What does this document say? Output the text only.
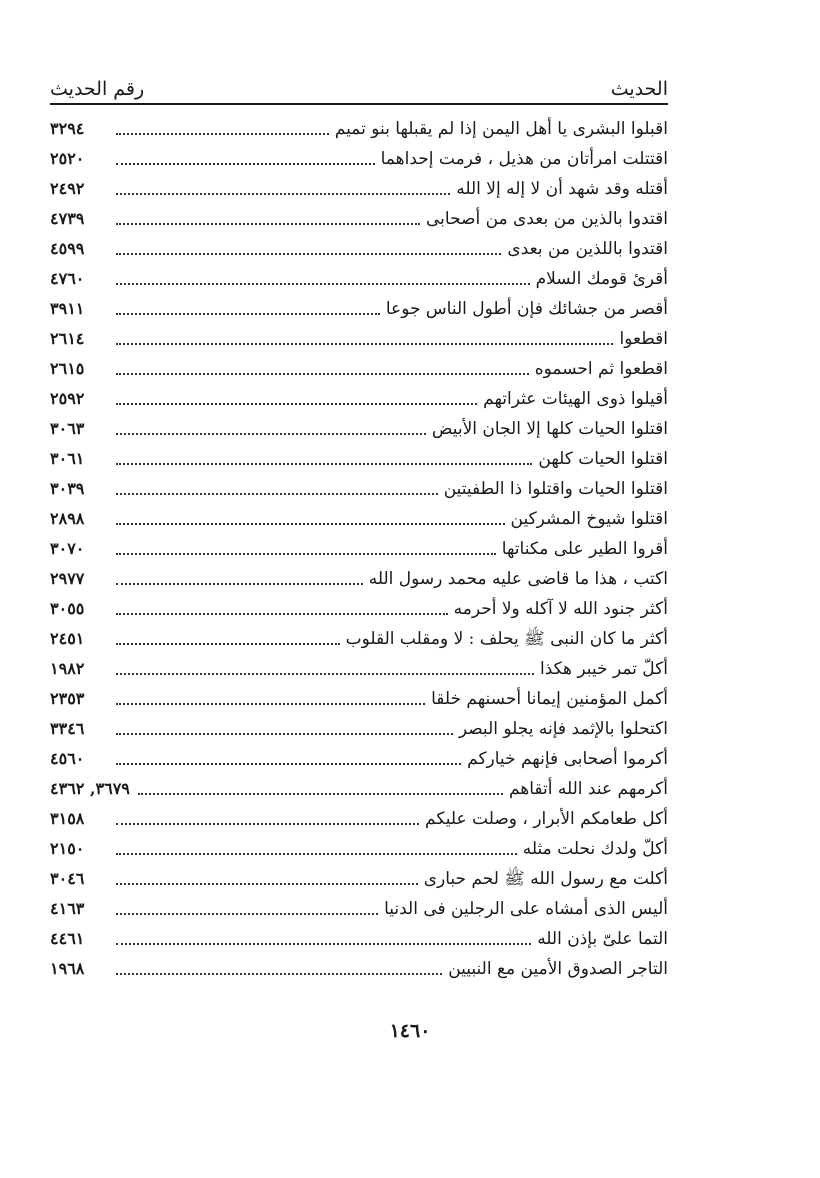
الحديث
رقم الحديث
اقبلوا البشرى يا أهل اليمن إذا لم يقبلها بنو تميم
٣٢٩٤
اقتتلت امرأتان من هذيل ، فرمت إحداهما
٢٥٢٠
أقتله وقد شهد أن لا إله إلا الله
٢٤٩٢
اقتدوا بالذين من بعدى من أصحابى
٤٧٣٩
اقتدوا باللذين من بعدى
٤٥٩٩
أقرئ قومك السلام
٤٧٦٠
أقصر من جشائك فإن أطول الناس جوعا
٣٩١١
اقطعوا
٢٦١٤
اقطعوا ثم احسموه
٢٦١٥
أقيلوا ذوى الهيئات عثراتهم
٢٥٩٢
اقتلوا الحيات كلها إلا الجان الأبيض
٣٠٦٣
اقتلوا الحيات كلهن
٣٠٦١
اقتلوا الحيات واقتلوا ذا الطفيتين
٣٠٣٩
اقتلوا شيوخ المشركين
٢٨٩٨
أقروا الطير على مكناتها
٣٠٧٠
اكتب ، هذا ما قاضى عليه محمد رسول الله
٢٩٧٧
أكثر جنود الله لا آكله ولا أحرمه
٣٠٥٥
أكثر ما كان النبى ﷺ يحلف : لا ومقلب القلوب
٢٤٥١
أكلّ تمر خيبر هكذا
١٩٨٢
أكمل المؤمنين إيمانا أحسنهم خلقا
٢٣٥٣
اكتحلوا بالإثمد فإنه يجلو البصر
٣٣٤٦
أكرموا أصحابى فإنهم خياركم
٤٥٦٠
أكرمهم عند الله أتقاهم
٣٦٧٩, ٤٣٦٢
أكل طعامكم الأبرار ، وصلت عليكم
٣١٥٨
أكلّ ولدك نحلت مثله
٢١٥٠
أكلت مع رسول الله ﷺ لحم حبارى
٣٠٤٦
أليس الذى أمشاه على الرجلين فى الدنيا
٤١٦٣
التما علىّ بإذن الله
٤٤٦١
التاجر الصدوق الأمين مع النبيين
١٩٦٨
١٤٦٠
